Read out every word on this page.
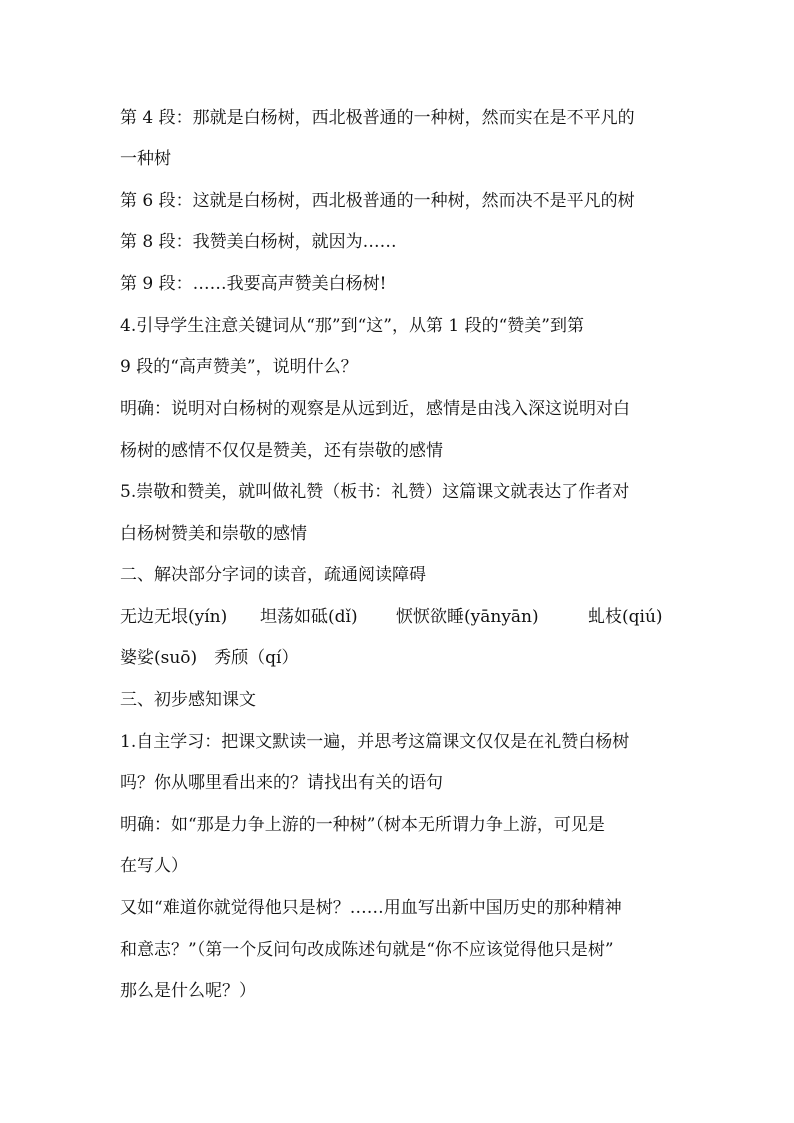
第 4 段：那就是白杨树，西北极普通的一种树，然而实在是不平凡的
一种树
第 6 段：这就是白杨树，西北极普通的一种树，然而决不是平凡的树
第 8 段：我赞美白杨树，就因为……
第 9 段：……我要高声赞美白杨树!
4.引导学生注意关键词从“那”到“这”，从第 1 段的“赞美”到第
9 段的“高声赞美”，说明什么？
明确：说明对白杨树的观察是从远到近，感情是由浅入深这说明对白
杨树的感情不仅仅是赞美，还有崇敬的感情
5.崇敬和赞美，就叫做礼赞（板书：礼赞）这篇课文就表达了作者对
白杨树赞美和崇敬的感情
二、解决部分字词的读音，疏通阅读障碍
无边无垠(yín) 坦荡如砥(dǐ) 恹恹欲睡(yānyān)	虬枝(qiú)
婆娑(suō)　秀颀（qí）
三、初步感知课文
1.自主学习：把课文默读一遍，并思考这篇课文仅仅是在礼赞白杨树
吗？你从哪里看出来的？请找出有关的语句
明确：如“那是力争上游的一种树”（树本无所谓力争上游，可见是
在写人）
又如“难道你就觉得他只是树？……用血写出新中国历史的那种精神
和意志？”（第一个反问句改成陈述句就是“你不应该觉得他只是树”
那么是什么呢？）
